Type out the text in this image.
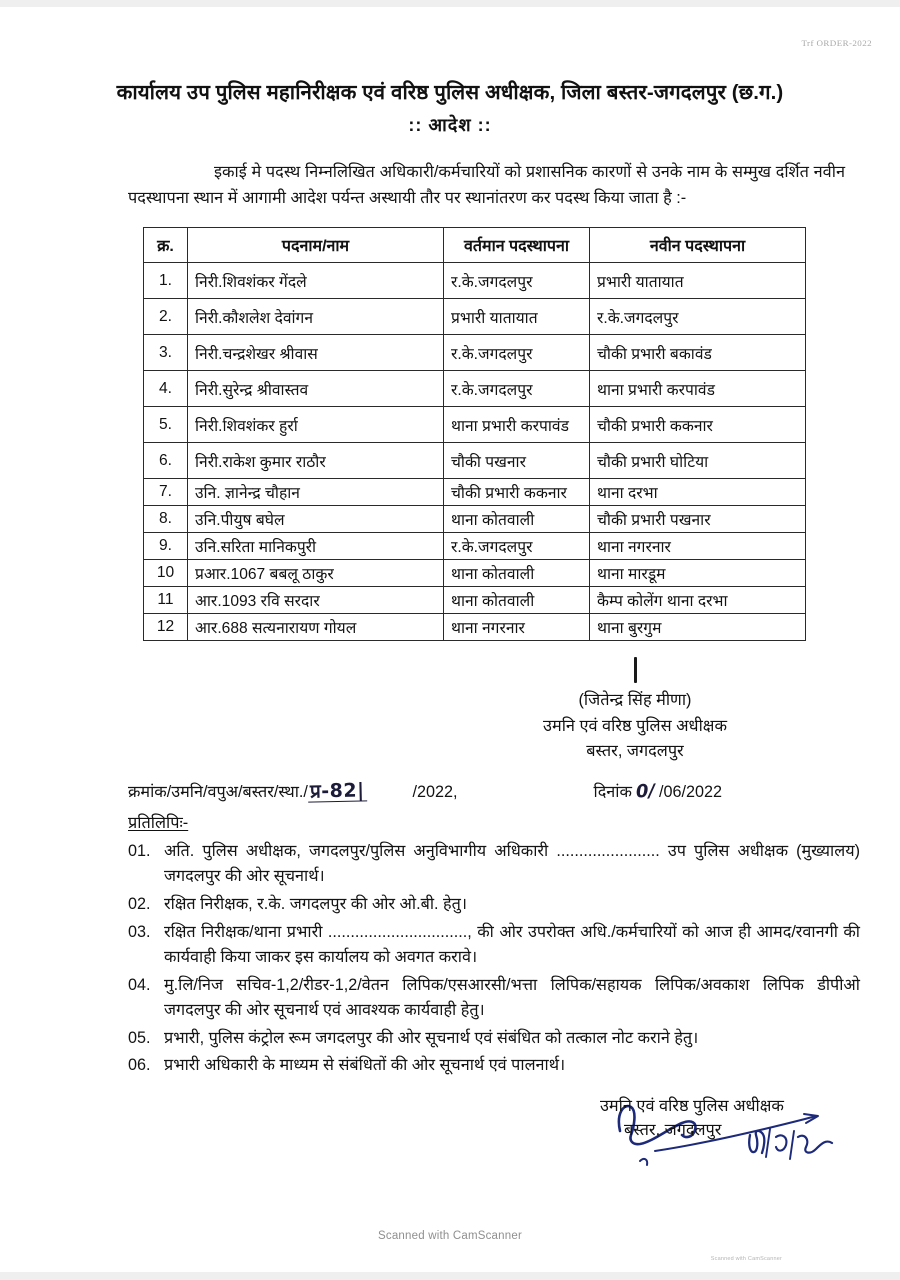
Trf ORDER-2022
कार्यालय उप पुलिस महानिरीक्षक एवं वरिष्ठ पुलिस अधीक्षक, जिला बस्तर-जगदलपुर (छ.ग.)
:: आदेश ::

इकाई मे पदस्थ निम्नलिखित अधिकारी/कर्मचारियों को प्रशासनिक कारणों से उनके नाम के सम्मुख दर्शित नवीन पदस्थापना स्थान में आगामी आदेश पर्यन्त अस्थायी तौर पर स्थानांतरण कर पदस्थ किया जाता है :-

क्र.	पदनाम/नाम	वर्तमान पदस्थापना	नवीन पदस्थापना
1.	निरी.शिवशंकर गेंदले	र.के.जगदलपुर	प्रभारी यातायात
2.	निरी.कौशलेश देवांगन	प्रभारी यातायात	र.के.जगदलपुर
3.	निरी.चन्द्रशेखर श्रीवास	र.के.जगदलपुर	चौकी प्रभारी बकावंड
4.	निरी.सुरेन्द्र श्रीवास्तव	र.के.जगदलपुर	थाना प्रभारी करपावंड
5.	निरी.शिवशंकर हुर्रा	थाना प्रभारी करपावंड	चौकी प्रभारी ककनार
6.	निरी.राकेश कुमार राठौर	चौकी पखनार	चौकी प्रभारी घोटिया
7.	उनि. ज्ञानेन्द्र चौहान	चौकी प्रभारी ककनार	थाना दरभा
8.	उनि.पीयुष बघेल	थाना कोतवाली	चौकी प्रभारी पखनार
9.	उनि.सरिता मानिकपुरी	र.के.जगदलपुर	थाना नगरनार
10	प्रआर.1067 बबलू ठाकुर	थाना कोतवाली	थाना मारडूम
11	आर.1093 रवि सरदार	थाना कोतवाली	कैम्प कोलेंग थाना दरभा
12	आर.688 सत्यनारायण गोयल	थाना नगरनार	थाना बुरगुम
(जितेन्द्र सिंह मीणा)
उमनि एवं वरिष्ठ पुलिस अधीक्षक
बस्तर, जगदलपुर
क्रमांक/उमनि/वपुअ/बस्तर/स्था./ प्र-82|	/2022,	दिनांक 0/ /06/2022
प्रतिलिपिः-
01. अति. पुलिस अधीक्षक, जगदलपुर/पुलिस अनुविभागीय अधिकारी ....................... उप पुलिस अधीक्षक (मुख्यालय) जगदलपुर की ओर सूचनार्थ।
02. रक्षित निरीक्षक, र.के. जगदलपुर की ओर ओ.बी. हेतु।
03. रक्षित निरीक्षक/थाना प्रभारी ..............................., की ओर उपरोक्त अधि./कर्मचारियों को आज ही आमद/रवानगी की कार्यवाही किया जाकर इस कार्यालय को अवगत करावे।
04. मु.लि/निज सचिव-1,2/रीडर-1,2/वेतन लिपिक/एसआरसी/भत्ता लिपिक/सहायक लिपिक/अवकाश लिपिक डीपीओ जगदलपुर की ओर सूचनार्थ एवं आवश्यक कार्यवाही हेतु।
05. प्रभारी, पुलिस कंट्रोल रूम जगदलपुर की ओर सूचनार्थ एवं संबंधित को तत्काल नोट कराने हेतु।
06. प्रभारी अधिकारी के माध्यम से संबंधितों की ओर सूचनार्थ एवं पालनार्थ।
उमनि एवं वरिष्ठ पुलिस अधीक्षक
बस्तर, जगदलपुर
Scanned with CamScanner
Scanned with CamScanner
